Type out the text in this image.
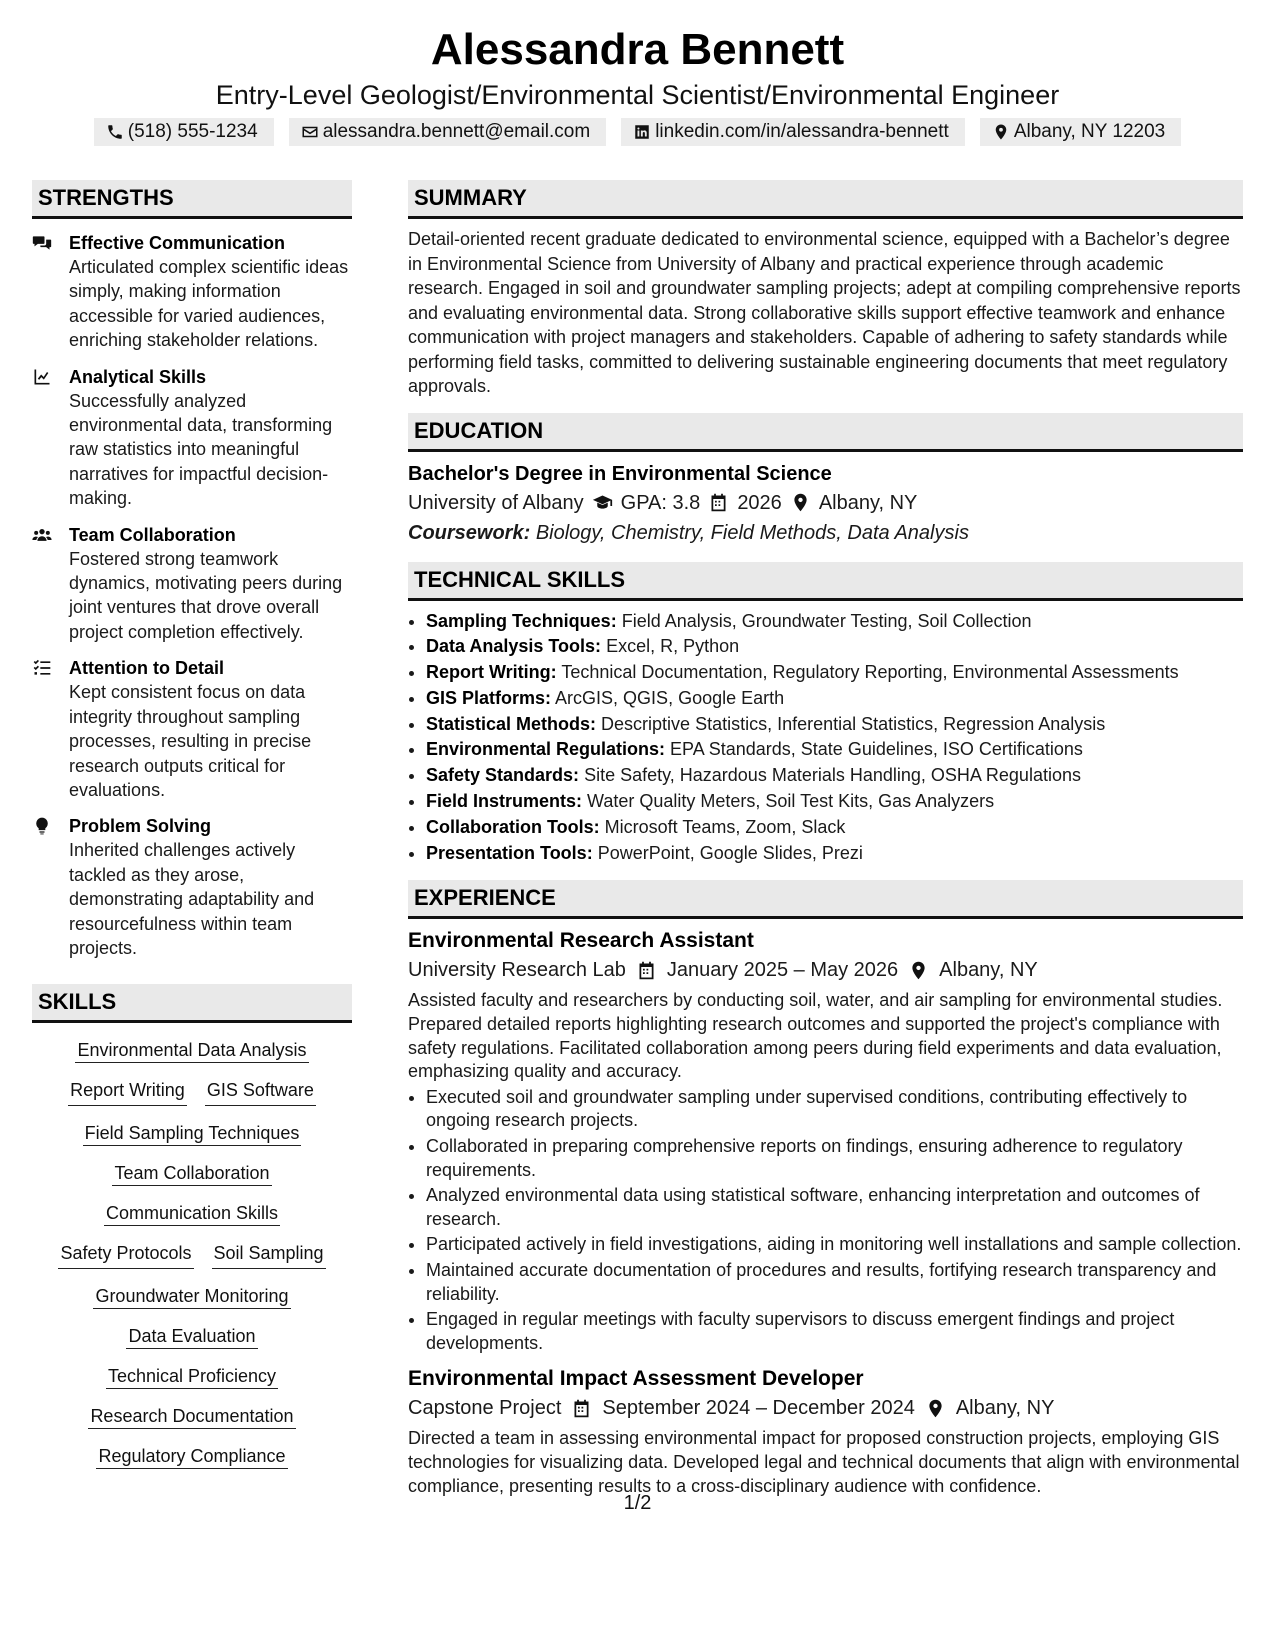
Alessandra Bennett
Entry-Level Geologist/Environmental Scientist/Environmental Engineer
(518) 555-1234	alessandra.bennett@email.com	linkedin.com/in/alessandra-bennett	Albany, NY 12203
STRENGTHS
Effective Communication
Articulated complex scientific ideas simply, making information accessible for varied audiences, enriching stakeholder relations.
Analytical Skills
Successfully analyzed environmental data, transforming raw statistics into meaningful narratives for impactful decision-making.
Team Collaboration
Fostered strong teamwork dynamics, motivating peers during joint ventures that drove overall project completion effectively.
Attention to Detail
Kept consistent focus on data integrity throughout sampling processes, resulting in precise research outputs critical for evaluations.
Problem Solving
Inherited challenges actively tackled as they arose, demonstrating adaptability and resourcefulness within team projects.
SKILLS
Environmental Data Analysis
Report Writing GIS Software
Field Sampling Techniques
Team Collaboration
Communication Skills
Safety Protocols Soil Sampling
Groundwater Monitoring
Data Evaluation
Technical Proficiency
Research Documentation
Regulatory Compliance
SUMMARY
Detail-oriented recent graduate dedicated to environmental science, equipped with a Bachelor’s degree in Environmental Science from University of Albany and practical experience through academic research. Engaged in soil and groundwater sampling projects; adept at compiling comprehensive reports and evaluating environmental data. Strong collaborative skills support effective teamwork and enhance communication with project managers and stakeholders. Capable of adhering to safety standards while performing field tasks, committed to delivering sustainable engineering documents that meet regulatory approvals.
EDUCATION
Bachelor's Degree in Environmental Science
University of Albany GPA: 3.8 2026 Albany, NY
Coursework: Biology, Chemistry, Field Methods, Data Analysis
TECHNICAL SKILLS
• Sampling Techniques: Field Analysis, Groundwater Testing, Soil Collection
• Data Analysis Tools: Excel, R, Python
• Report Writing: Technical Documentation, Regulatory Reporting, Environmental Assessments
• GIS Platforms: ArcGIS, QGIS, Google Earth
• Statistical Methods: Descriptive Statistics, Inferential Statistics, Regression Analysis
• Environmental Regulations: EPA Standards, State Guidelines, ISO Certifications
• Safety Standards: Site Safety, Hazardous Materials Handling, OSHA Regulations
• Field Instruments: Water Quality Meters, Soil Test Kits, Gas Analyzers
• Collaboration Tools: Microsoft Teams, Zoom, Slack
• Presentation Tools: PowerPoint, Google Slides, Prezi
EXPERIENCE
Environmental Research Assistant
University Research Lab January 2025 – May 2026 Albany, NY
Assisted faculty and researchers by conducting soil, water, and air sampling for environmental studies. Prepared detailed reports highlighting research outcomes and supported the project's compliance with safety regulations. Facilitated collaboration among peers during field experiments and data evaluation, emphasizing quality and accuracy.
• Executed soil and groundwater sampling under supervised conditions, contributing effectively to ongoing research projects.
• Collaborated in preparing comprehensive reports on findings, ensuring adherence to regulatory requirements.
• Analyzed environmental data using statistical software, enhancing interpretation and outcomes of research.
• Participated actively in field investigations, aiding in monitoring well installations and sample collection.
• Maintained accurate documentation of procedures and results, fortifying research transparency and reliability.
• Engaged in regular meetings with faculty supervisors to discuss emergent findings and project developments.
Environmental Impact Assessment Developer
Capstone Project September 2024 – December 2024 Albany, NY
Directed a team in assessing environmental impact for proposed construction projects, employing GIS technologies for visualizing data. Developed legal and technical documents that align with environmental compliance, presenting results to a cross-disciplinary audience with confidence.
1/2
